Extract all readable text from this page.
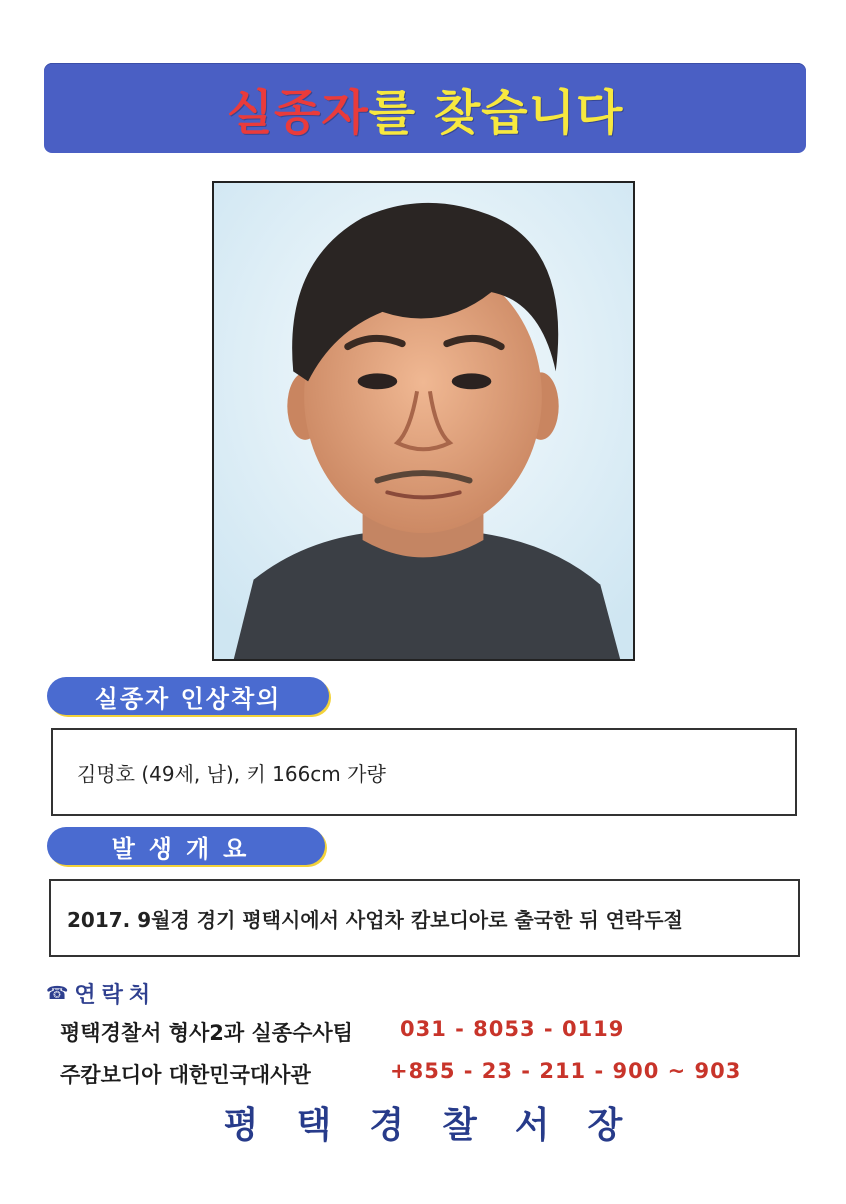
실종자를 찾습니다
실종자 인상착의
김명호 (49세, 남), 키 166cm 가량
발생개요
2017. 9월경 경기 평택시에서 사업차 캄보디아로 출국한 뒤 연락두절
☎ 연락처
평택경찰서 형사2과 실종수사팀 031 - 8053 - 0119
주캄보디아 대한민국대사관	+855 - 23 - 211 - 900 ~ 903
평택경찰서장
